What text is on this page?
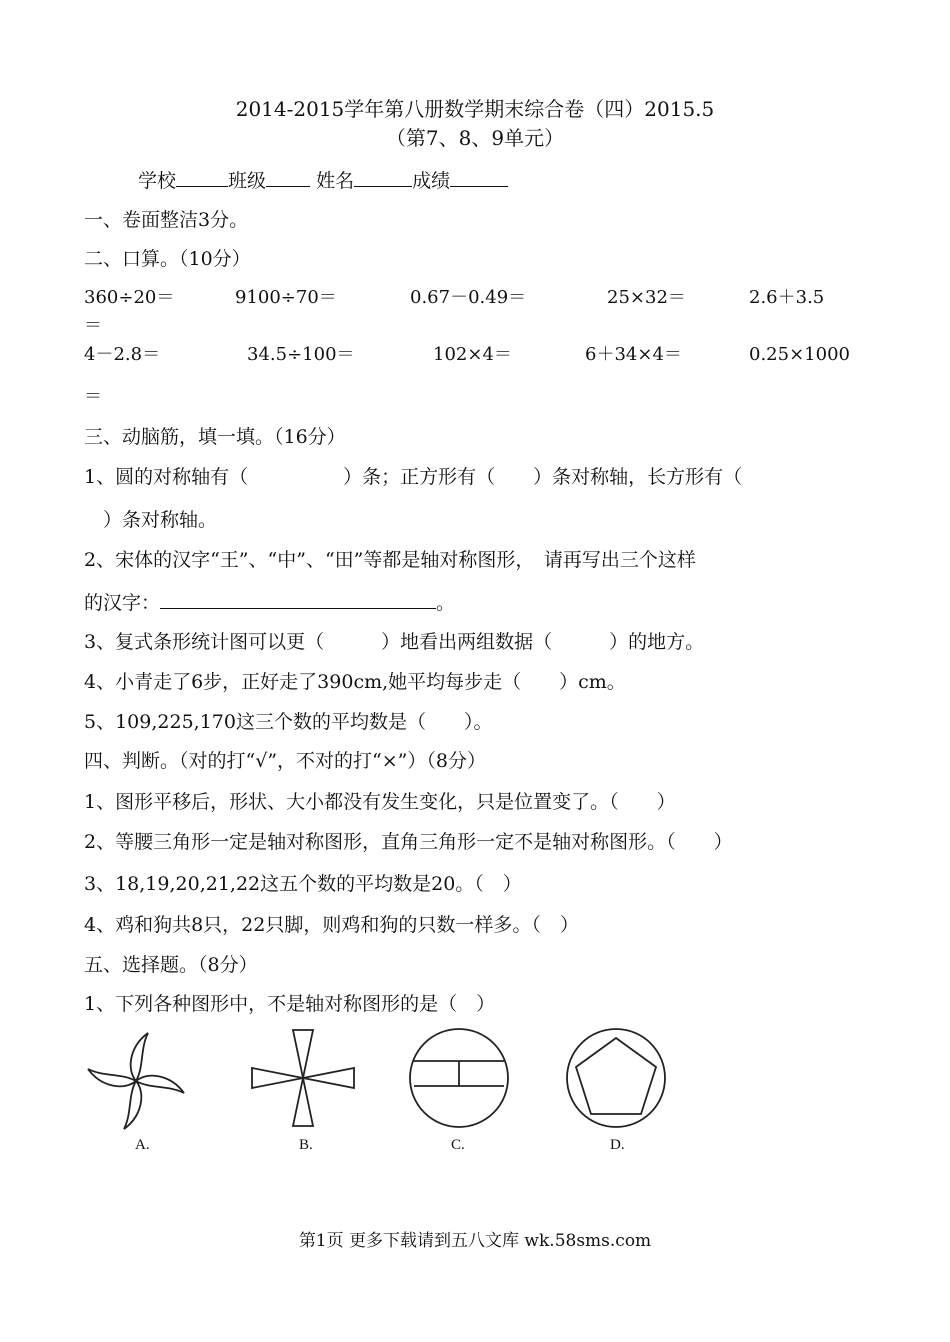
2014-2015学年第八册数学期末综合卷（四）2015.5
（第7、8、9单元）
学校	班级	姓名	成绩
一、卷面整洁3分。
二、口算。（10分）
360÷20＝	9100÷70＝	0.67－0.49＝	25×32＝	2.6＋3.5
＝
4－2.8＝	34.5÷100＝	102×4＝	6＋34×4＝	0.25×1000
＝
三、动脑筋，填一填。（16分）
1、圆的对称轴有（　　　　　）条；正方形有（　　）条对称轴，长方形有（
　）条对称轴。
2、宋体的汉字“王”、“中”、“田”等都是轴对称图形，　请再写出三个这样
的汉字：	。
3、复式条形统计图可以更（　　　）地看出两组数据（　　　）的地方。
4、小青走了6步，正好走了390cm,她平均每步走（　　）cm。
5、109,225,170这三个数的平均数是（　　）。
四、判断。（对的打“√”，不对的打“×”）（8分）
1、图形平移后，形状、大小都没有发生变化，只是位置变了。（　　）
2、等腰三角形一定是轴对称图形，直角三角形一定不是轴对称图形。（　　）
3、18,19,20,21,22这五个数的平均数是20。（　）
4、鸡和狗共8只，22只脚，则鸡和狗的只数一样多。（　）
五、选择题。（8分）
1、下列各种图形中，不是轴对称图形的是（　）
A.	B.	C.	D.
第1页 更多下载请到五八文库 wk.58sms.com
